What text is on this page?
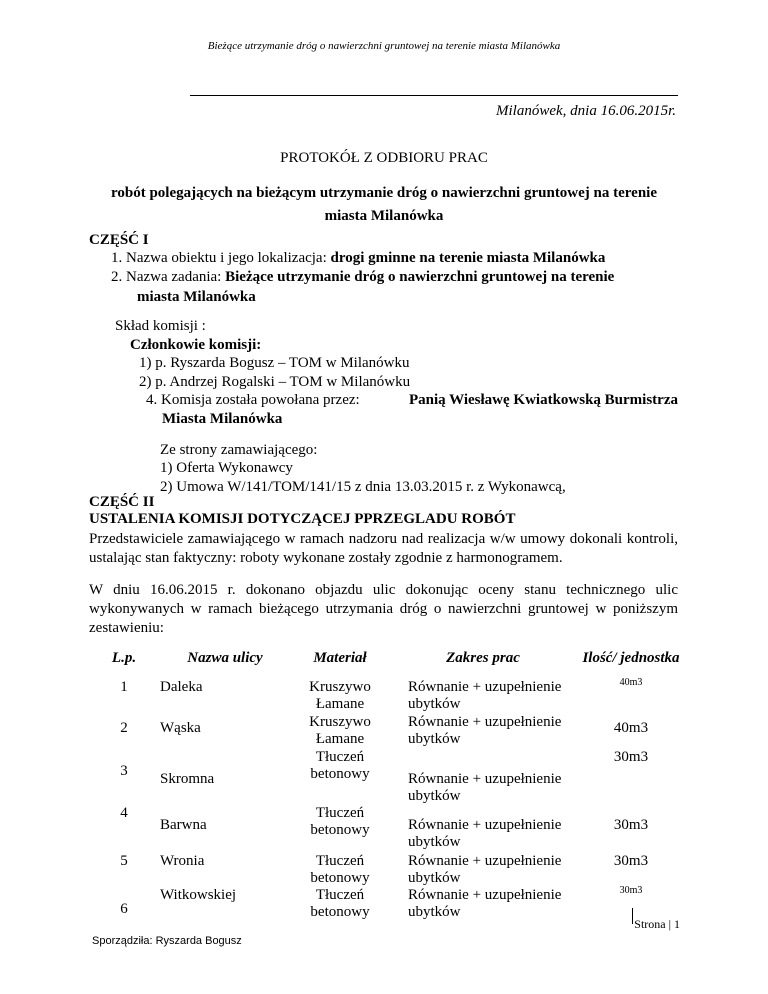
Bieżące utrzymanie dróg o nawierzchni gruntowej na terenie miasta Milanówka
Milanówek, dnia 16.06.2015r.
PROTOKÓŁ Z ODBIORU PRAC
robót polegających na bieżącym utrzymanie dróg o nawierzchni gruntowej na terenie miasta Milanówka
CZĘŚĆ I
1. Nazwa obiektu i jego lokalizacja: drogi gminne na terenie miasta Milanówka
2. Nazwa zadania: Bieżące utrzymanie dróg o nawierzchni gruntowej na terenie
miasta Milanówka
Skład komisji :
Członkowie komisji:
1) p. Ryszarda Bogusz – TOM w Milanówku
2) p. Andrzej Rogalski – TOM w Milanówku
4. Komisja została powołana przez:	Panią Wiesławę Kwiatkowską Burmistrza
Miasta Milanówka
Ze strony zamawiającego:
1) Oferta Wykonawcy
2) Umowa W/141/TOM/141/15 z dnia 13.03.2015 r. z Wykonawcą,
CZĘŚĆ II
USTALENIA KOMISJI DOTYCZĄCEJ PPRZEGLADU ROBÓT
Przedstawiciele zamawiającego w ramach nadzoru nad realizacja w/w umowy dokonali kontroli, ustalając stan faktyczny: roboty wykonane zostały zgodnie z harmonogramem.
W dniu 16.06.2015 r. dokonano objazdu ulic dokonując oceny stanu technicznego ulic wykonywanych w ramach bieżącego utrzymania dróg o nawierzchni gruntowej w poniższym zestawieniu:
L.p.	Nazwa ulicy	Materiał	Zakres prac	Ilość/ jednostka
1	Daleka	Kruszywo Łamane	Równanie + uzupełnienie ubytków	40m3
2	Wąska	Kruszywo Łamane	Równanie + uzupełnienie ubytków	40m3
3	Skromna	Tłuczeń betonowy	Równanie + uzupełnienie ubytków	30m3
4	Barwna	Tłuczeń betonowy	Równanie + uzupełnienie ubytków	30m3
5	Wronia	Tłuczeń betonowy	Równanie + uzupełnienie ubytków	30m3
6	Witkowskiej	Tłuczeń betonowy	Równanie + uzupełnienie ubytków	30m3
Strona | 1
Sporządziła: Ryszarda Bogusz
